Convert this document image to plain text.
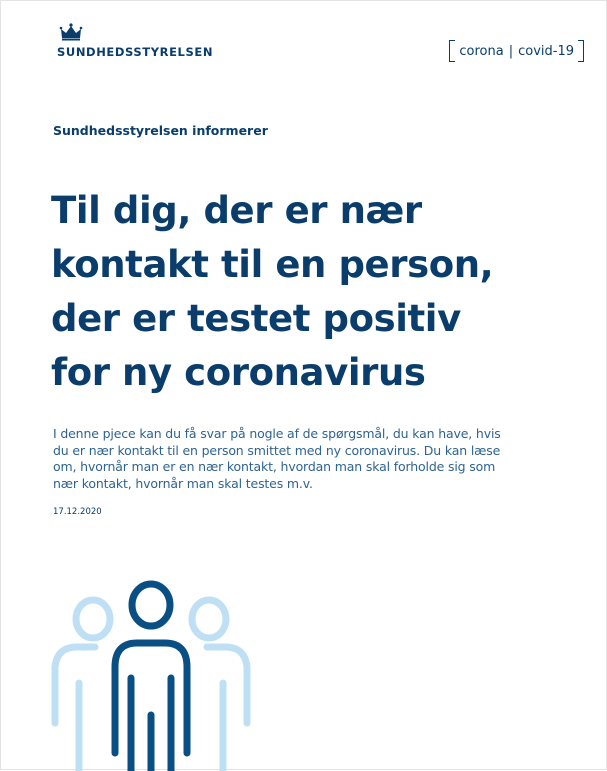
SUNDHEDSSTYRELSEN	corona | covid-19
Sundhedsstyrelsen informerer
Til dig, der er nær
kontakt til en person,
der er testet positiv
for ny coronavirus

I denne pjece kan du få svar på nogle af de spørgsmål, du kan have, hvis
du er nær kontakt til en person smittet med ny coronavirus. Du kan læse
om, hvornår man er en nær kontakt, hvordan man skal forholde sig som
nær kontakt, hvornår man skal testes m.v.

17.12.2020
